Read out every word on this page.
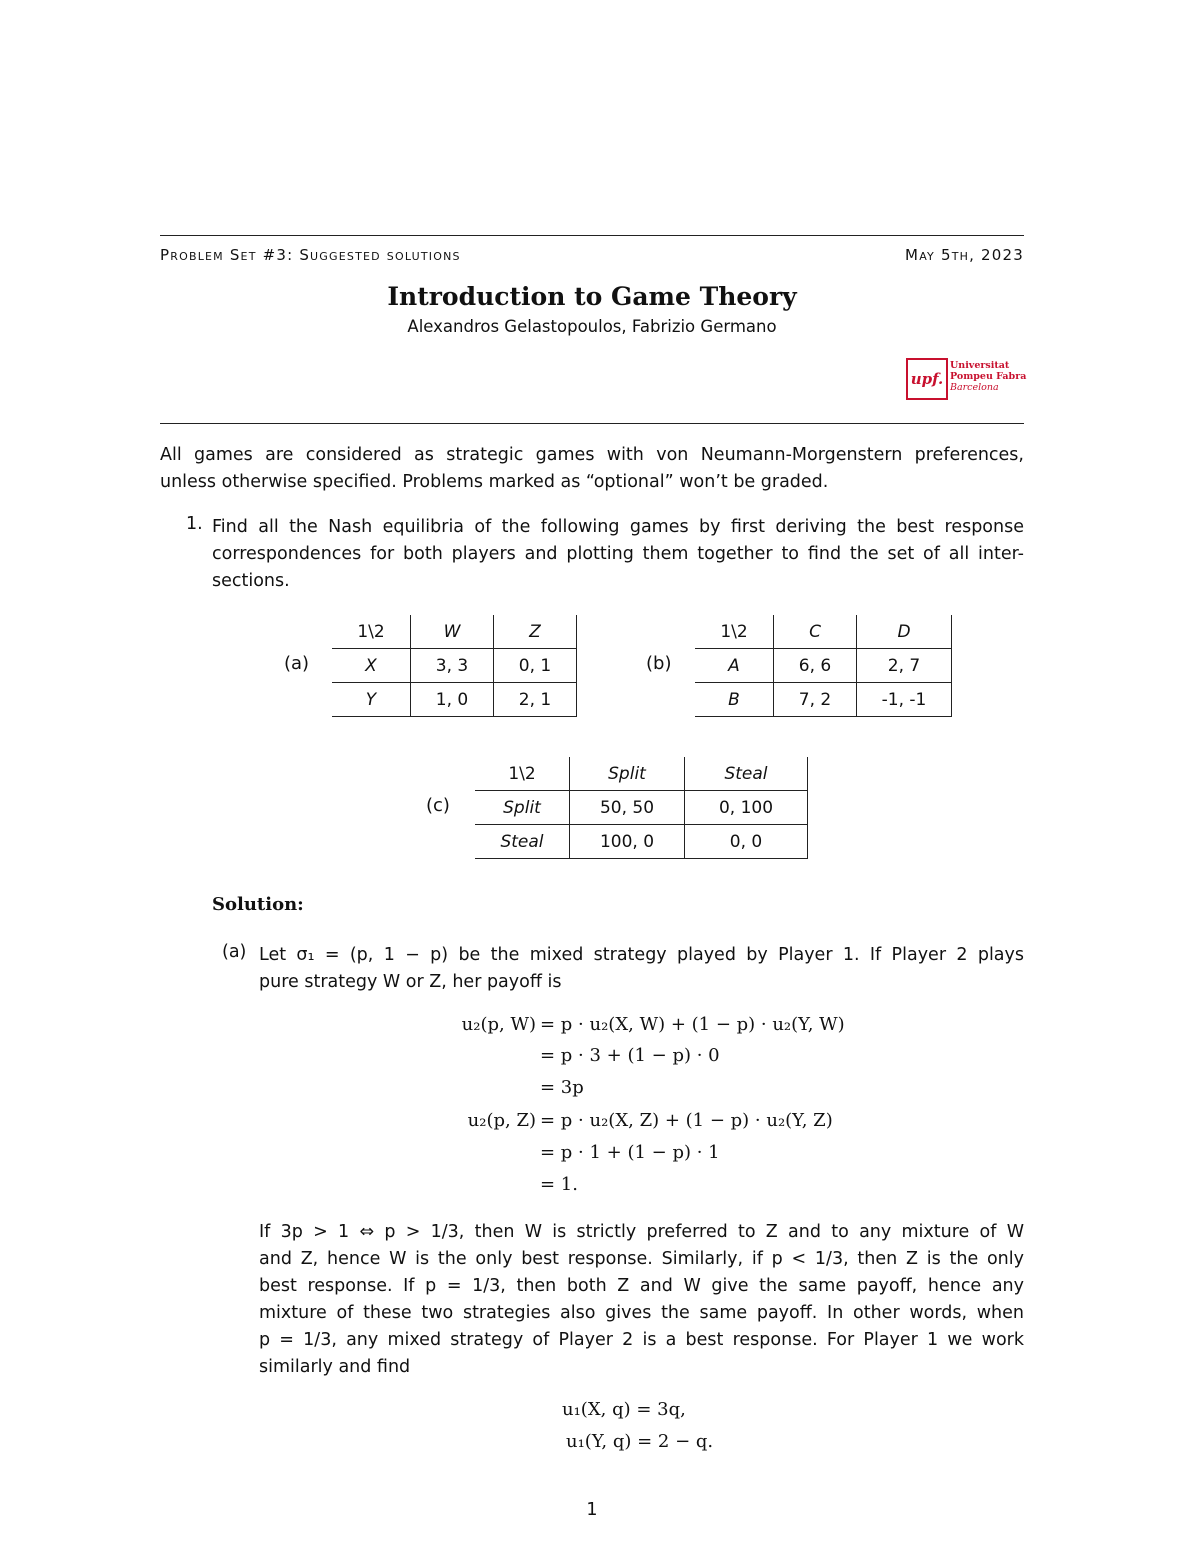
Problem Set #3: Suggested solutions	May 5th, 2023
Introduction to Game Theory
Alexandros Gelastopoulos, Fabrizio Germano
upf.
Universitat
Pompeu Fabra
Barcelona
All games are considered as strategic games with von Neumann-Morgenstern preferences,
unless otherwise specified. Problems marked as “optional” won’t be graded.
1. Find all the Nash equilibria of the following games by first deriving the best response
correspondences for both players and plotting them together to find the set of all inter-
sections.
(a)
1\2	W	Z
X	3, 3	0, 1
Y	1, 0	2, 1
(b)
1\2	C	D
A	6, 6	2, 7
B	7, 2	-1, -1
(c)
1\2	Split	Steal
Split	50, 50	0, 100
Steal	100, 0	0, 0
Solution:
(a) Let σ₁ = (p, 1 − p) be the mixed strategy played by Player 1. If Player 2 plays
pure strategy W or Z, her payoff is
u₂(p, W) = p · u₂(X, W) + (1 − p) · u₂(Y, W)
= p · 3 + (1 − p) · 0
= 3p
u₂(p, Z) = p · u₂(X, Z) + (1 − p) · u₂(Y, Z)
= p · 1 + (1 − p) · 1
= 1.
If 3p > 1 ⇔ p > 1/3, then W is strictly preferred to Z and to any mixture of W
and Z, hence W is the only best response. Similarly, if p < 1/3, then Z is the only
best response. If p = 1/3, then both Z and W give the same payoff, hence any
mixture of these two strategies also gives the same payoff. In other words, when
p = 1/3, any mixed strategy of Player 2 is a best response. For Player 1 we work
similarly and find
u₁(X, q) = 3q,
u₁(Y, q) = 2 − q.
1
